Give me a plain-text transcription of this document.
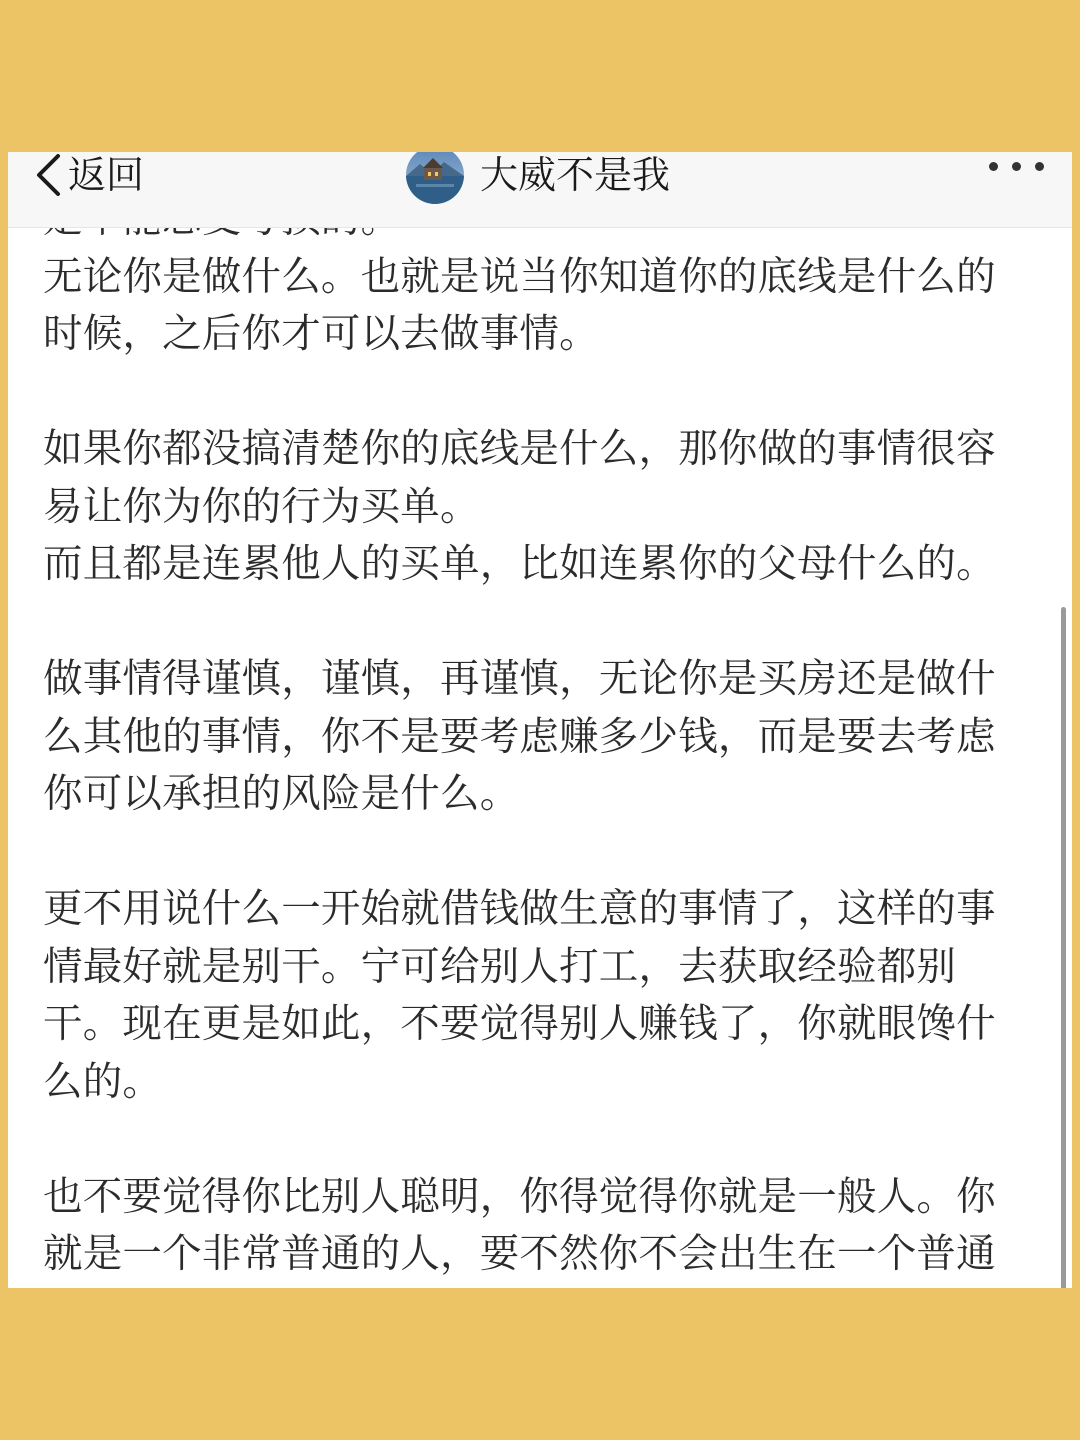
返回	大威不是我

无论你是做什么。也就是说当你知道你的底线是什么的
时候，之后你才可以去做事情。

如果你都没搞清楚你的底线是什么，那你做的事情很容
易让你为你的行为买单。
而且都是连累他人的买单，比如连累你的父母什么的。

做事情得谨慎，谨慎，再谨慎，无论你是买房还是做什
么其他的事情，你不是要考虑赚多少钱，而是要去考虑
你可以承担的风险是什么。

更不用说什么一开始就借钱做生意的事情了，这样的事
情最好就是别干。宁可给别人打工，去获取经验都别
干。现在更是如此，不要觉得别人赚钱了，你就眼馋什
么的。

也不要觉得你比别人聪明，你得觉得你就是一般人。你
就是一个非常普通的人，要不然你不会出生在一个普通
